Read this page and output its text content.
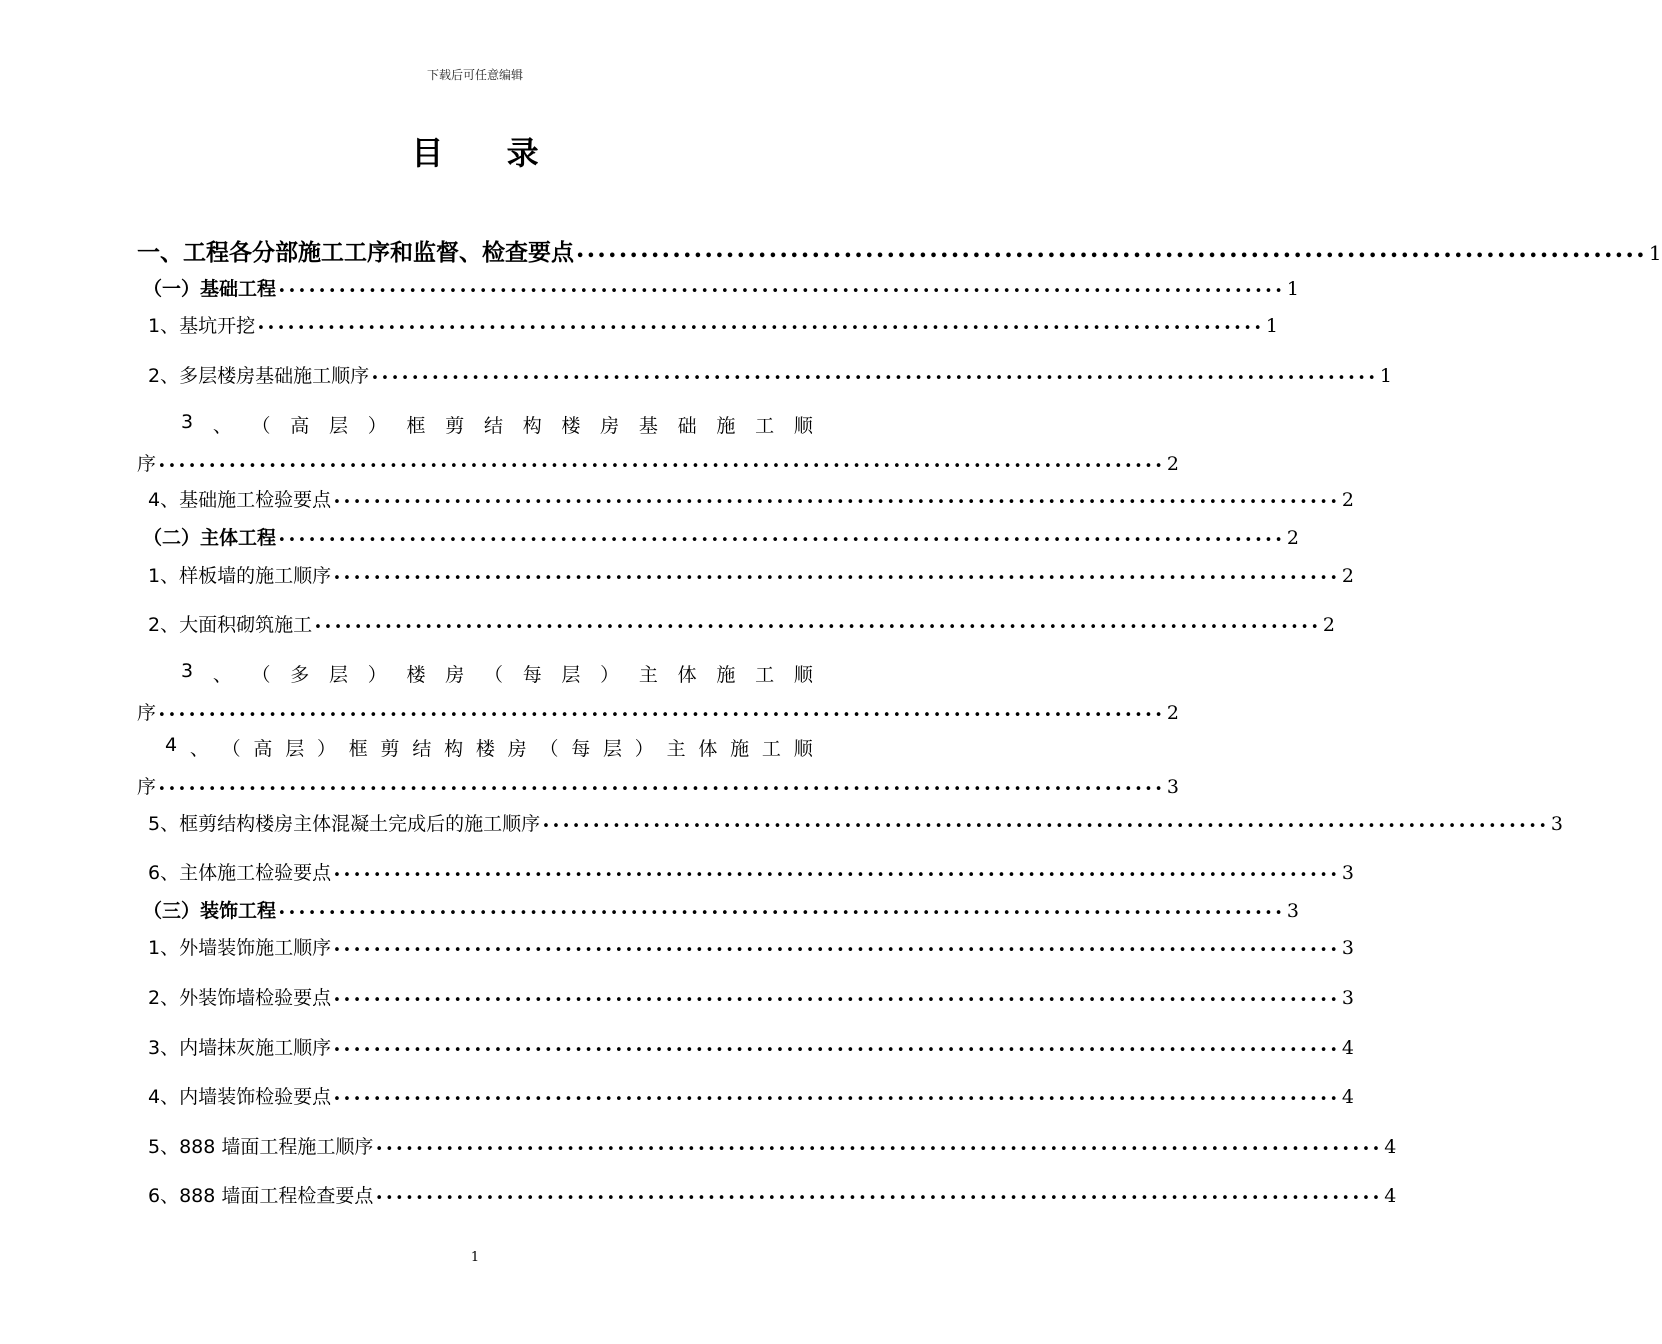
下载后可任意编辑
目 录
一、工程各分部施工工序和监督、检查要点 •••••••••••••••••••••••••••••••••••••••••••••••••••••••••••••••••••••••••••••••••••••••••••••••••••• 1
（一）基础工程 •••••••••••••••••••••••••••••••••••••••••••••••••••••••••••••••••••••••••••••••••••••••••••••••••••• 1
1、基坑开挖 •••••••••••••••••••••••••••••••••••••••••••••••••••••••••••••••••••••••••••••••••••••••••••••••••••• 1
2、多层楼房基础施工顺序 •••••••••••••••••••••••••••••••••••••••••••••••••••••••••••••••••••••••••••••••••••••••••••••••••••• 1
3 、 （ 高 层 ） 框 剪 结 构 楼 房 基 础 施 工 顺
序 •••••••••••••••••••••••••••••••••••••••••••••••••••••••••••••••••••••••••••••••••••••••••••••••••••• 2
4、基础施工检验要点 •••••••••••••••••••••••••••••••••••••••••••••••••••••••••••••••••••••••••••••••••••••••••••••••••••• 2
（二）主体工程 •••••••••••••••••••••••••••••••••••••••••••••••••••••••••••••••••••••••••••••••••••••••••••••••••••• 2
1、样板墙的施工顺序 •••••••••••••••••••••••••••••••••••••••••••••••••••••••••••••••••••••••••••••••••••••••••••••••••••• 2
2、大面积砌筑施工 •••••••••••••••••••••••••••••••••••••••••••••••••••••••••••••••••••••••••••••••••••••••••••••••••••• 2
3 、 （ 多 层 ） 楼 房 （ 每 层 ） 主 体 施 工 顺
序 •••••••••••••••••••••••••••••••••••••••••••••••••••••••••••••••••••••••••••••••••••••••••••••••••••• 2
4 、 （ 高 层 ） 框 剪 结 构 楼 房 （ 每 层 ） 主 体 施 工 顺
序 •••••••••••••••••••••••••••••••••••••••••••••••••••••••••••••••••••••••••••••••••••••••••••••••••••• 3
5、框剪结构楼房主体混凝土完成后的施工顺序 •••••••••••••••••••••••••••••••••••••••••••••••••••••••••••••••••••••••••••••••••••••••••••••••••••• 3
6、主体施工检验要点 •••••••••••••••••••••••••••••••••••••••••••••••••••••••••••••••••••••••••••••••••••••••••••••••••••• 3
（三）装饰工程 •••••••••••••••••••••••••••••••••••••••••••••••••••••••••••••••••••••••••••••••••••••••••••••••••••• 3
1、外墙装饰施工顺序 •••••••••••••••••••••••••••••••••••••••••••••••••••••••••••••••••••••••••••••••••••••••••••••••••••• 3
2、外装饰墙检验要点 •••••••••••••••••••••••••••••••••••••••••••••••••••••••••••••••••••••••••••••••••••••••••••••••••••• 3
3、内墙抹灰施工顺序 •••••••••••••••••••••••••••••••••••••••••••••••••••••••••••••••••••••••••••••••••••••••••••••••••••• 4
4、内墙装饰检验要点 •••••••••••••••••••••••••••••••••••••••••••••••••••••••••••••••••••••••••••••••••••••••••••••••••••• 4
5、888 墙面工程施工顺序 •••••••••••••••••••••••••••••••••••••••••••••••••••••••••••••••••••••••••••••••••••••••••••••••••••• 4
6、888 墙面工程检查要点 •••••••••••••••••••••••••••••••••••••••••••••••••••••••••••••••••••••••••••••••••••••••••••••••••••• 4
1
